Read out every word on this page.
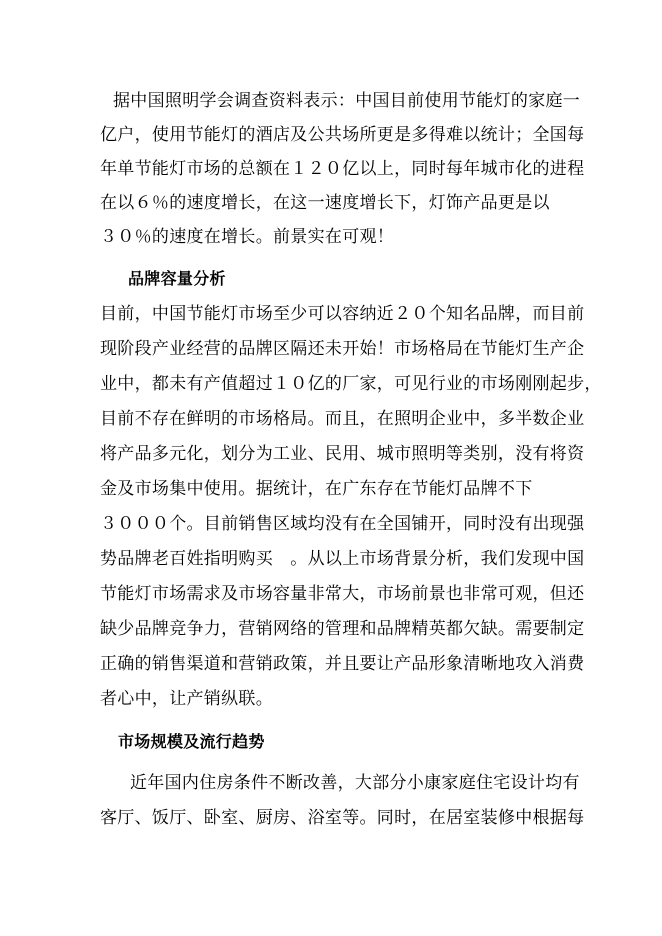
据中国照明学会调查资料表示：中国目前使用节能灯的家庭一
亿户，使用节能灯的酒店及公共场所更是多得难以统计；全国每
年单节能灯市场的总额在１２０亿以上，同时每年城市化的进程
在以６％的速度增长，在这一速度增长下，灯饰产品更是以
３０％的速度在增长。前景实在可观！
品牌容量分析
目前，中国节能灯市场至少可以容纳近２０个知名品牌，而目前
现阶段产业经营的品牌区隔还未开始！市场格局在节能灯生产企
业中，都未有产值超过１０亿的厂家，可见行业的市场刚刚起步，
目前不存在鲜明的市场格局。而且，在照明企业中，多半数企业
将产品多元化，划分为工业、民用、城市照明等类别，没有将资
金及市场集中使用。据统计，在广东存在节能灯品牌不下
３０００个。目前销售区域均没有在全国铺开，同时没有出现强
势品牌老百姓指明购买　。从以上市场背景分析，我们发现中国
节能灯市场需求及市场容量非常大，市场前景也非常可观，但还
缺少品牌竞争力，营销网络的管理和品牌精英都欠缺。需要制定
正确的销售渠道和营销政策，并且要让产品形象清晰地攻入消费
者心中，让产销纵联。
市场规模及流行趋势
近年国内住房条件不断改善，大部分小康家庭住宅设计均有
客厅、饭厅、卧室、厨房、浴室等。同时，在居室装修中根据每
